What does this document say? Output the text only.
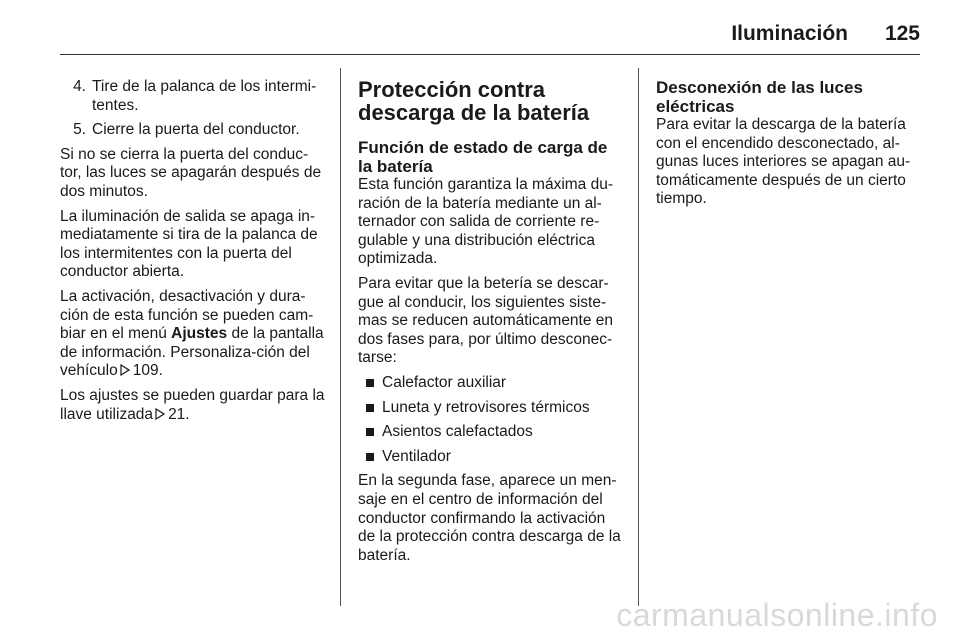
Iluminación 125
4. Tire de la palanca de los intermi-tentes.
5. Cierre la puerta del conductor.

Si no se cierra la puerta del conduc-tor, las luces se apagarán después de dos minutos.

La iluminación de salida se apaga in-mediatamente si tira de la palanca de los intermitentes con la puerta del conductor abierta.

La activación, desactivación y dura-ción de esta función se pueden cam-biar en el menú Ajustes de la pantalla de información. Personaliza-ción del vehículo 109.

Los ajustes se pueden guardar para la llave utilizada 21.

Protección contra descarga de la batería
Función de estado de carga de la batería

Esta función garantiza la máxima du-ración de la batería mediante un al-ternador con salida de corriente re-gulable y una distribución eléctrica optimizada.

Para evitar que la betería se descar-gue al conducir, los siguientes siste-mas se reducen automáticamente en dos fases para, por último desconec-tarse:

Calefactor auxiliar
Luneta y retrovisores térmicos
Asientos calefactados
Ventilador

En la segunda fase, aparece un men-saje en el centro de información del conductor confirmando la activación de la protección contra descarga de la batería.

Desconexión de las luces eléctricas

Para evitar la descarga de la batería con el encendido desconectado, al-gunas luces interiores se apagan au-tomáticamente después de un cierto tiempo.

carmanualsonline.info
